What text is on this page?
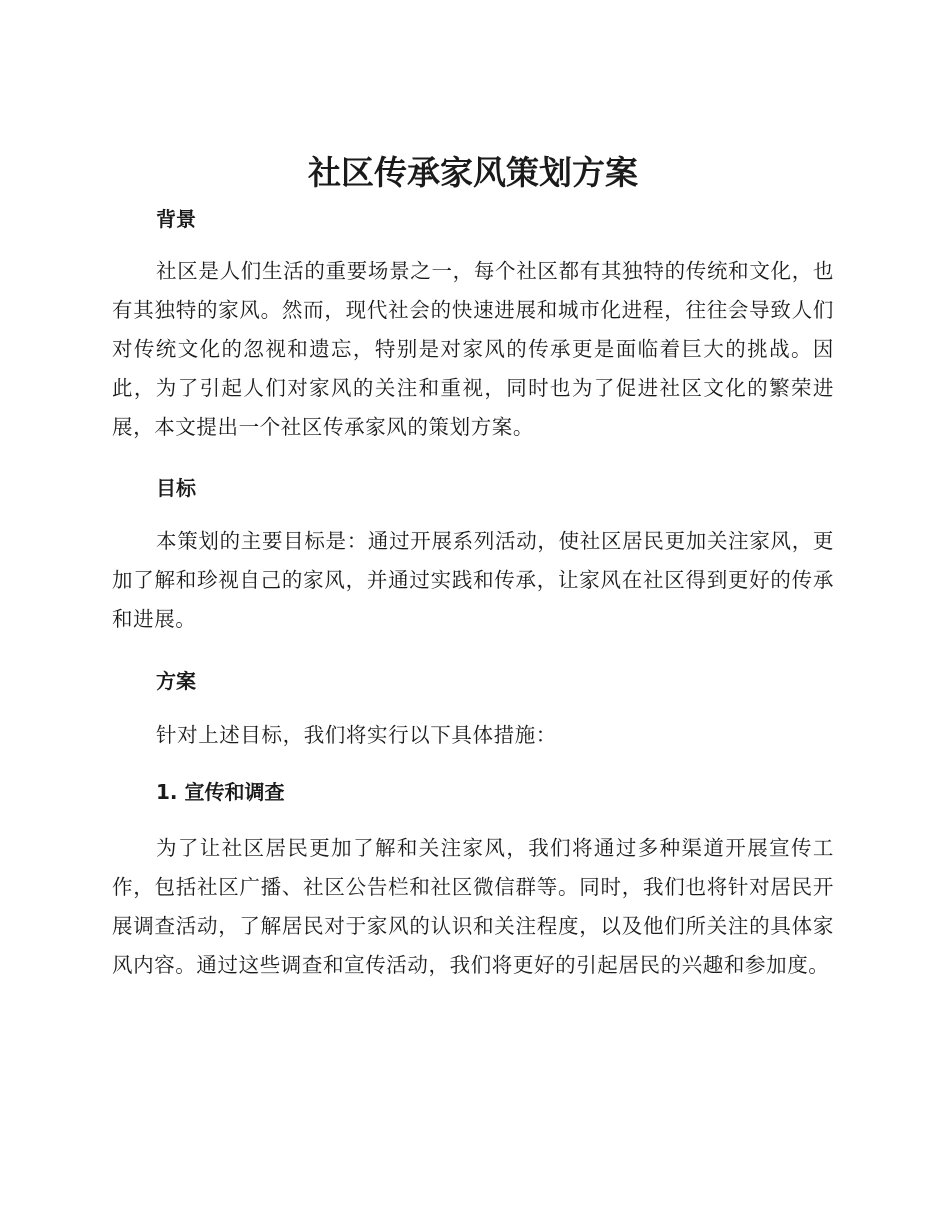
社区传承家风策划方案
背景

社区是人们生活的重要场景之一，每个社区都有其独特的传统和文化，也有其独特的家风。然而，现代社会的快速进展和城市化进程，往往会导致人们对传统文化的忽视和遗忘，特别是对家风的传承更是面临着巨大的挑战。因此，为了引起人们对家风的关注和重视，同时也为了促进社区文化的繁荣进展，本文提出一个社区传承家风的策划方案。

目标

本策划的主要目标是：通过开展系列活动，使社区居民更加关注家风，更加了解和珍视自己的家风，并通过实践和传承，让家风在社区得到更好的传承和进展。

方案

针对上述目标，我们将实行以下具体措施：

1. 宣传和调查

为了让社区居民更加了解和关注家风，我们将通过多种渠道开展宣传工作，包括社区广播、社区公告栏和社区微信群等。同时，我们也将针对居民开展调查活动，了解居民对于家风的认识和关注程度，以及他们所关注的具体家风内容。通过这些调查和宣传活动，我们将更好的引起居民的兴趣和参加度。
